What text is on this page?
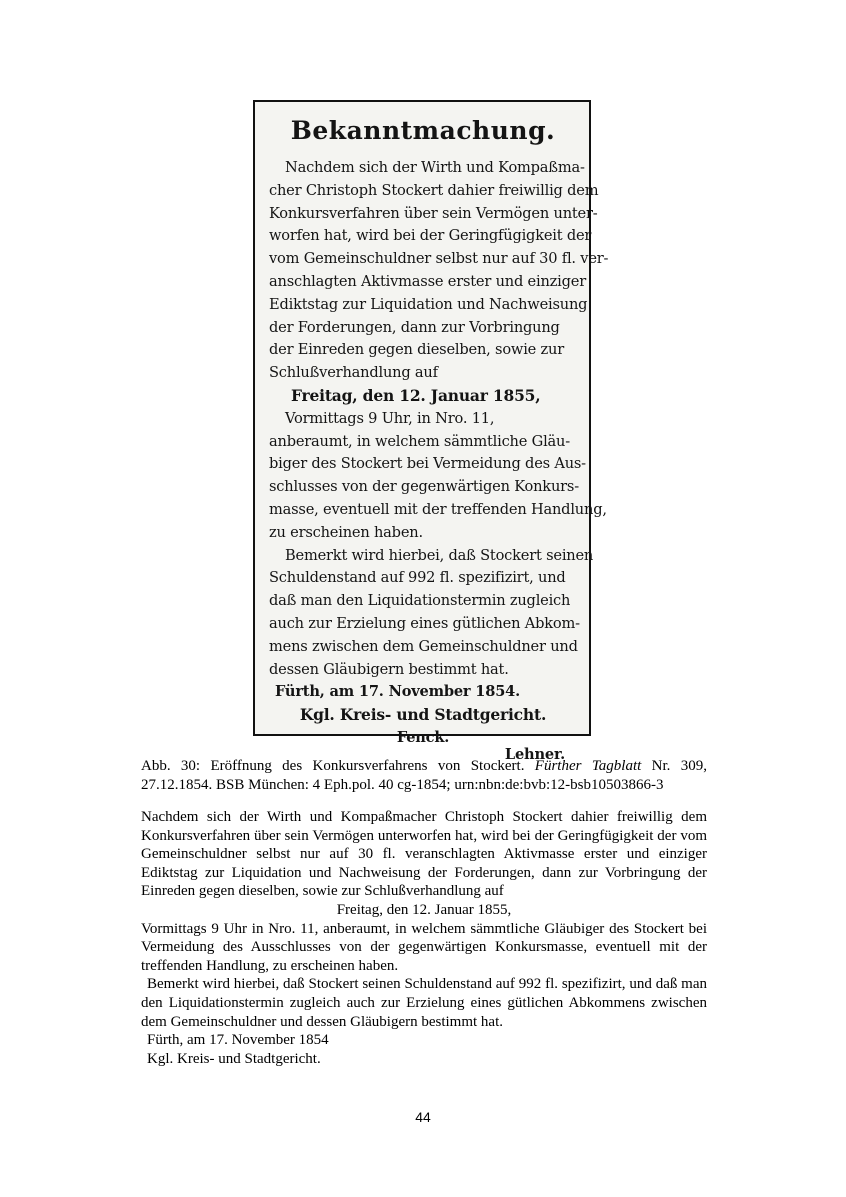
Bekanntmachung.
Nachdem sich der Wirth und Kompaßma-
cher Christoph Stockert dahier freiwillig dem
Konkursverfahren über sein Vermögen unter-
worfen hat, wird bei der Geringfügigkeit der
vom Gemeinschuldner selbst nur auf 30 fl. ver-
anschlagten Aktivmasse erster und einziger
Ediktstag zur Liquidation und Nachweisung
der Forderungen, dann zur Vorbringung
der Einreden gegen dieselben, sowie zur
Schlußverhandlung auf
Freitag, den 12. Januar 1855,
Vormittags 9 Uhr, in Nro. 11,
anberaumt, in welchem sämmtliche Gläu-
biger des Stockert bei Vermeidung des Aus-
schlusses von der gegenwärtigen Konkurs-
masse, eventuell mit der treffenden Handlung,
zu erscheinen haben.
Bemerkt wird hierbei, daß Stockert seinen
Schuldenstand auf 992 fl. spezifizirt, und
daß man den Liquidationstermin zugleich
auch zur Erzielung eines gütlichen Abkom-
mens zwischen dem Gemeinschuldner und
dessen Gläubigern bestimmt hat.
Fürth, am 17. November 1854.
Kgl. Kreis- und Stadtgericht.
Fenck.
Lehner.
Abb. 30: Eröffnung des Konkursverfahrens von Stockert. Fürther Tagblatt Nr. 309, 27.12.1854. BSB München: 4 Eph.pol. 40 cg-1854; urn:nbn:de:bvb:12-bsb10503866-3

Nachdem sich der Wirth und Kompaßmacher Christoph Stockert dahier freiwillig dem Konkursverfahren über sein Vermögen unterworfen hat, wird bei der Geringfügigkeit der vom Gemeinschuldner selbst nur auf 30 fl. veranschlagten Aktivmasse erster und einziger Ediktstag zur Liquidation und Nachweisung der Forderungen, dann zur Vorbringung der Einreden gegen dieselben, sowie zur Schlußverhandlung auf

Freitag, den 12. Januar 1855,

Vormittags 9 Uhr in Nro. 11, anberaumt, in welchem sämmtliche Gläubiger des Stockert bei Vermeidung des Ausschlusses von der gegenwärtigen Konkursmasse, eventuell mit der treffenden Handlung, zu erscheinen haben.

Bemerkt wird hierbei, daß Stockert seinen Schuldenstand auf 992 fl. spezifizirt, und daß man den Liquidationstermin zugleich auch zur Erzielung eines gütlichen Abkommens zwischen dem Gemeinschuldner und dessen Gläubigern bestimmt hat.

Fürth, am 17. November 1854

Kgl. Kreis- und Stadtgericht.

44
